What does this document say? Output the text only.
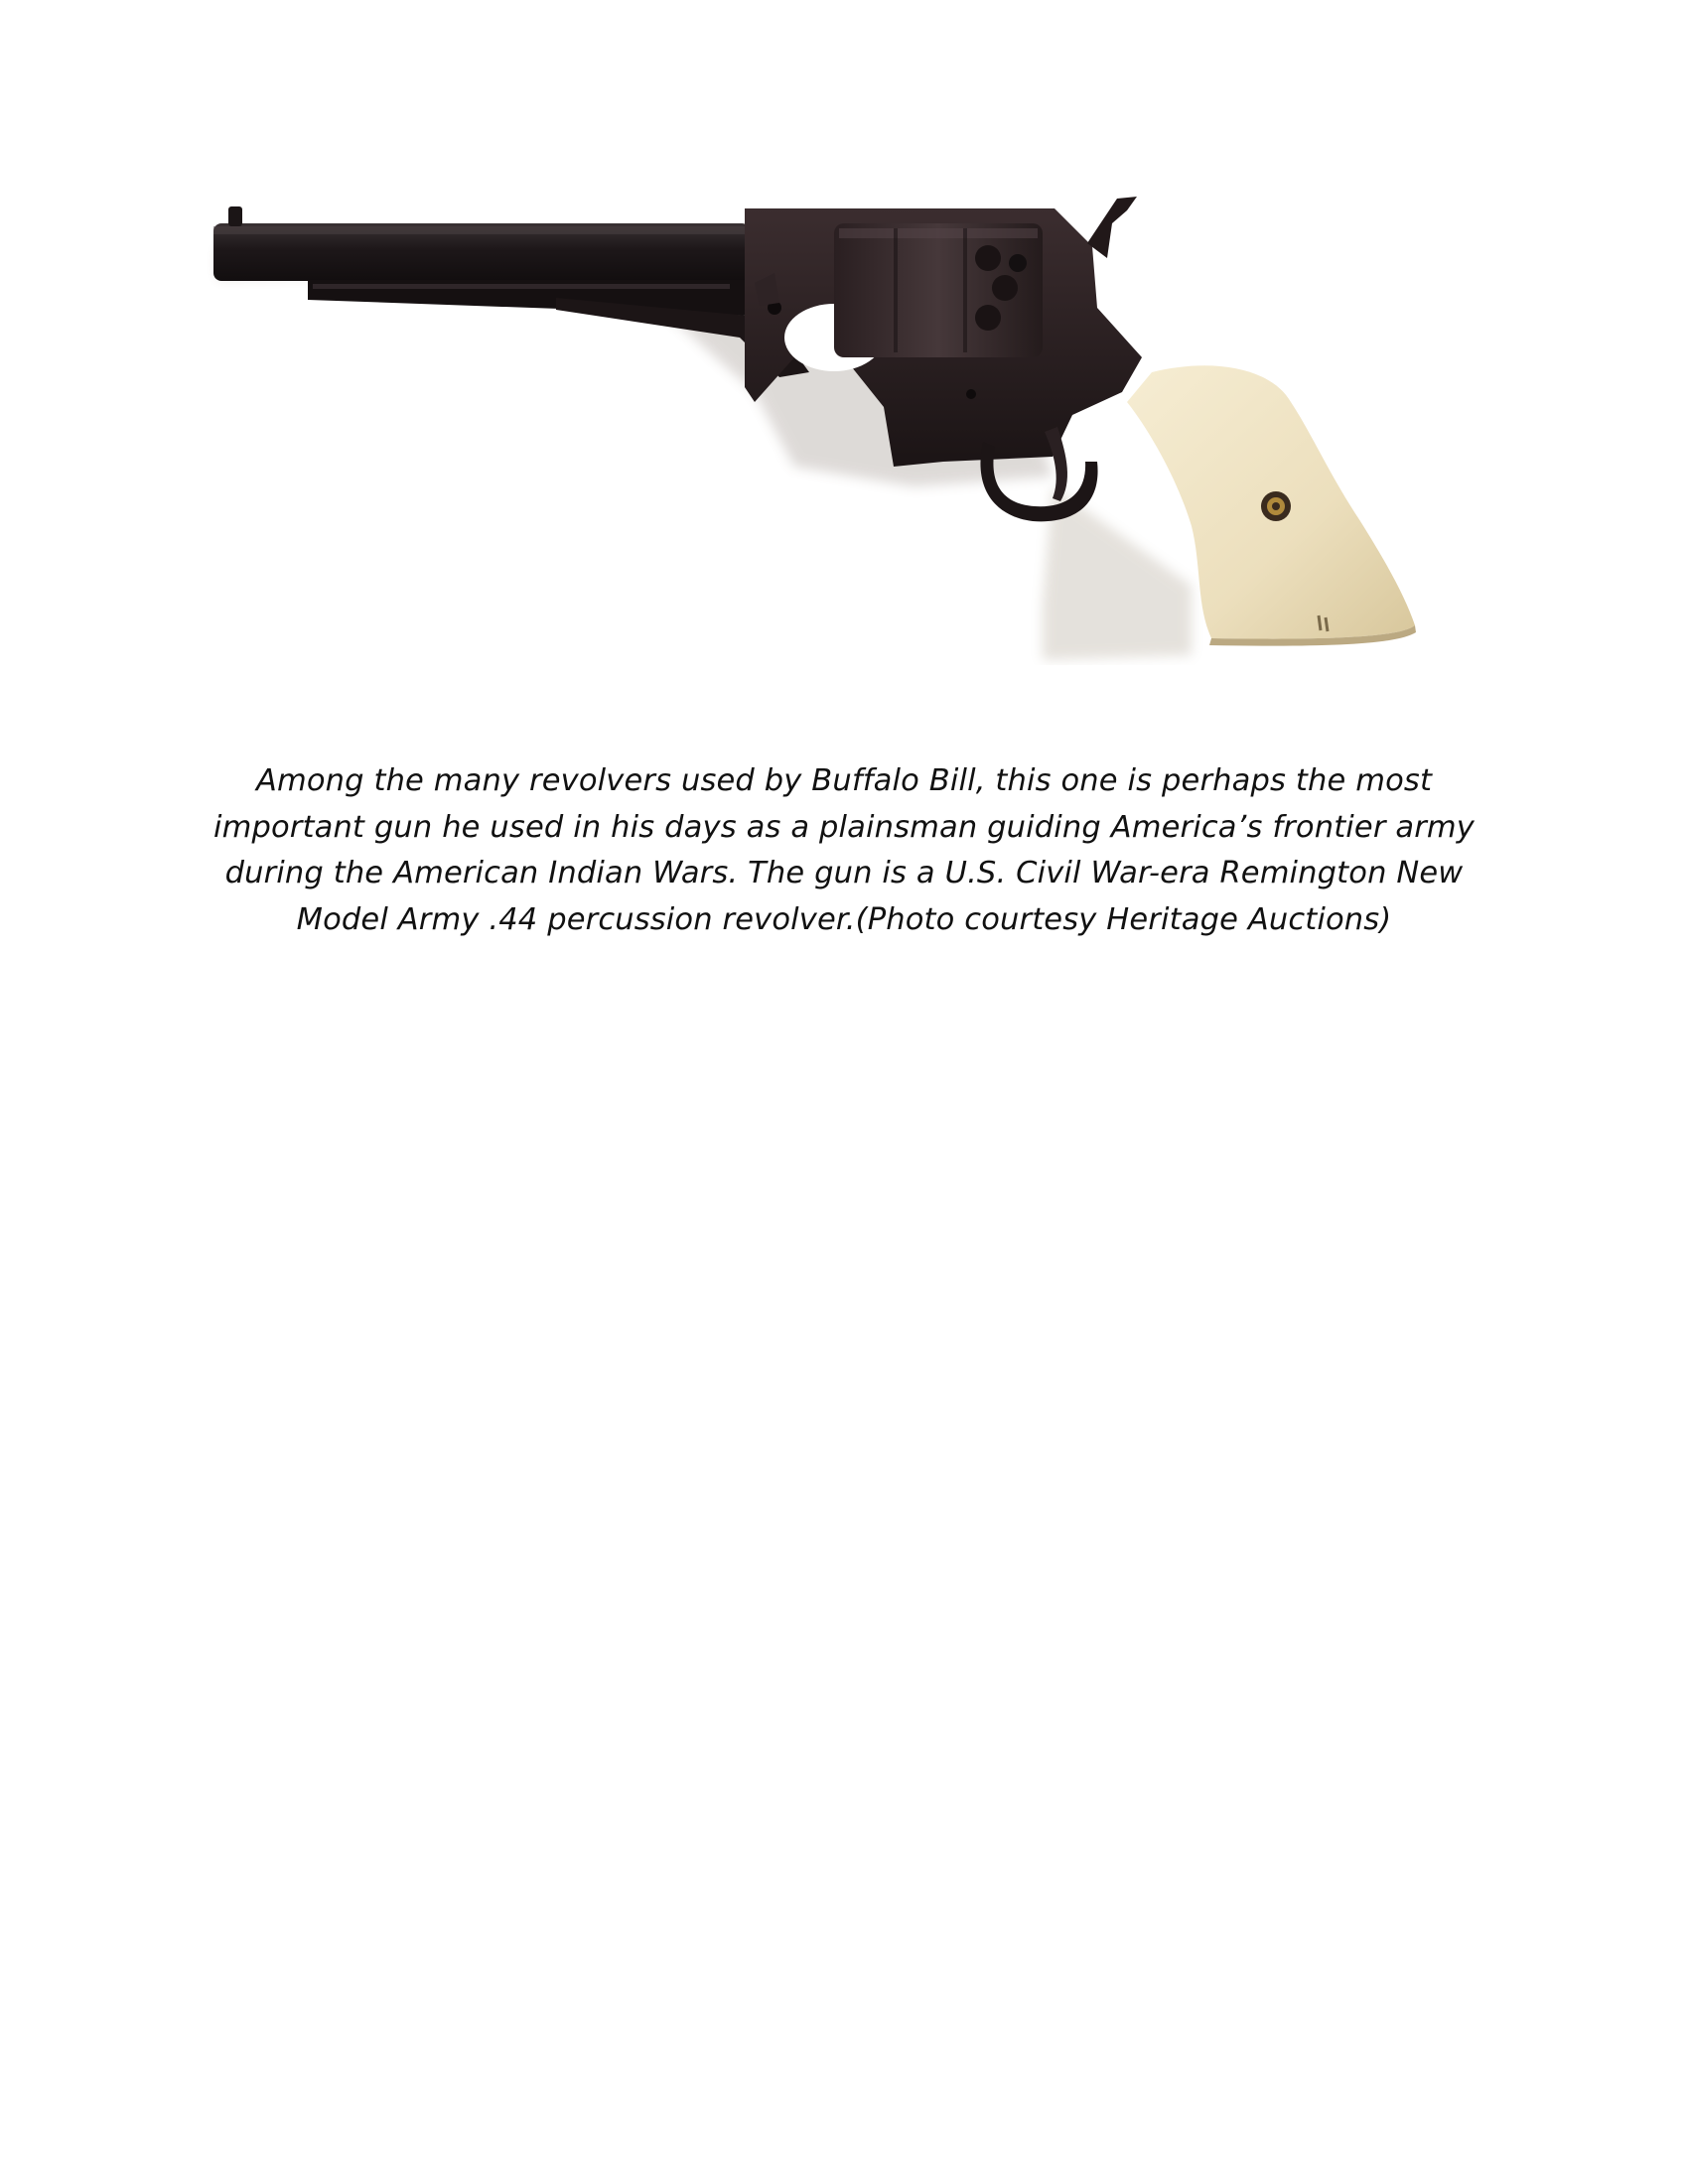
Among the many revolvers used by Buffalo Bill, this one is perhaps the most important gun he used in his days as a plainsman guiding America’s frontier army during the American Indian Wars. The gun is a U.S. Civil War-era Remington New Model Army .44 percussion revolver.(Photo courtesy Heritage Auctions)
